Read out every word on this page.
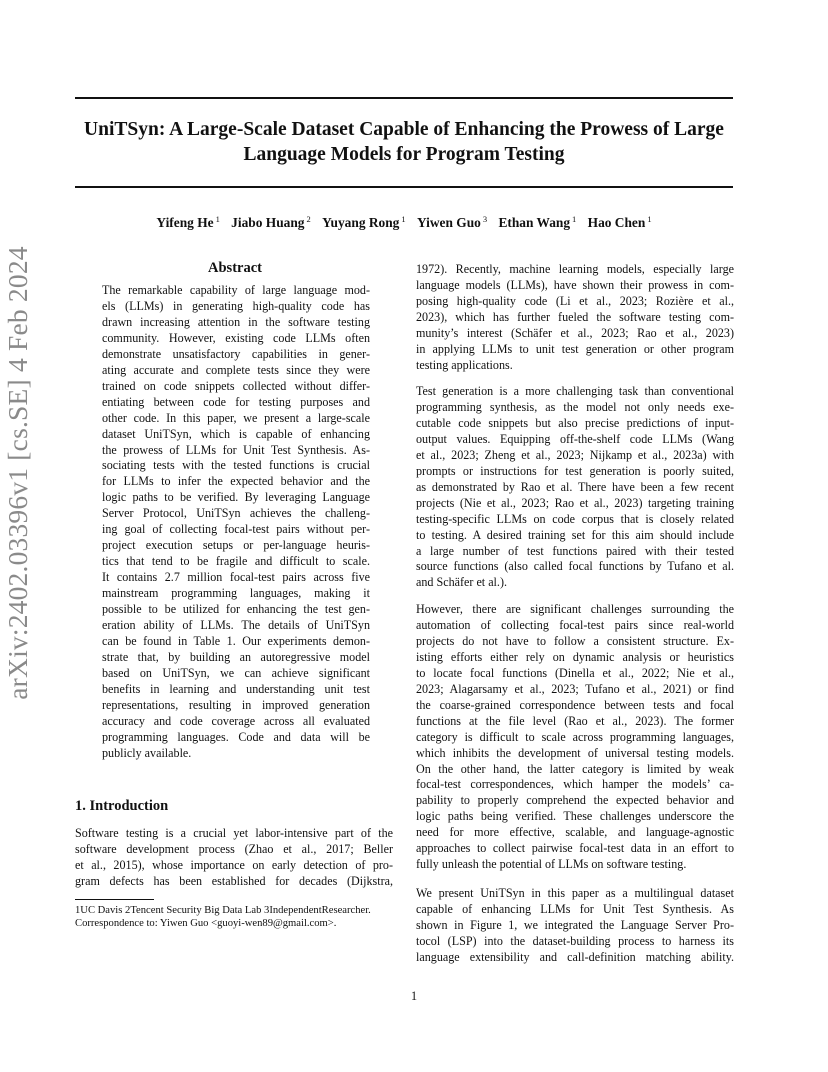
UniTSyn: A Large-Scale Dataset Capable of Enhancing the Prowess of Large
Language Models for Program Testing
Yifeng He $^1$ Jiabo Huang $^2$ Yuyang Rong $^1$ Yiwen Guo $^3$ Ethan Wang $^1$ Hao Chen $^1$
arXiv:2402.03396v1 [cs.SE] 4 Feb 2024	Abstract
The remarkable capability of large language mod-
els (LLMs) in generating high-quality code has
drawn increasing attention in the software testing
community. However, existing code LLMs often
demonstrate unsatisfactory capabilities in gener-
ating accurate and complete tests since they were
trained on code snippets collected without differ-
entiating between code for testing purposes and
other code. In this paper, we present a large-scale
dataset UniTSyn, which is capable of enhancing
the prowess of LLMs for Unit Test Synthesis. As-
sociating tests with the tested functions is crucial
for LLMs to infer the expected behavior and the
logic paths to be verified. By leveraging Language
Server Protocol, UniTSyn achieves the challeng-
ing goal of collecting focal-test pairs without per-
project execution setups or per-language heuris-
tics that tend to be fragile and difficult to scale.
It contains 2.7 million focal-test pairs across five
mainstream programming languages, making it
possible to be utilized for enhancing the test gen-
eration ability of LLMs. The details of UniTSyn
can be found in Table 1. Our experiments demon-
strate that, by building an autoregressive model
based on UniTSyn, we can achieve significant
benefits in learning and understanding unit test
representations, resulting in improved generation
accuracy and code coverage across all evaluated
programming languages. Code and data will be
publicly available.
1. Introduction
Software testing is a crucial yet labor-intensive part of the
software development process (Zhao et al., 2017; Beller
et al., 2015), whose importance on early detection of pro-
gram defects has been established for decades (Dijkstra,
1972). Recently, machine learning models, especially large
language models (LLMs), have shown their prowess in com-
posing high-quality code (Li et al., 2023; Rozière et al.,
2023), which has further fueled the software testing com-
munity’s interest (Schäfer et al., 2023; Rao et al., 2023)
in applying LLMs to unit test generation or other program
testing applications.
Test generation is a more challenging task than conventional
programming synthesis, as the model not only needs exe-
cutable code snippets but also precise predictions of input-
output values. Equipping off-the-shelf code LLMs (Wang
et al., 2023; Zheng et al., 2023; Nijkamp et al., 2023a) with
prompts or instructions for test generation is poorly suited,
as demonstrated by Rao et al. There have been a few recent
projects (Nie et al., 2023; Rao et al., 2023) targeting training
testing-specific LLMs on code corpus that is closely related
to testing. A desired training set for this aim should include
a large number of test functions paired with their tested
source functions (also called focal functions by Tufano et al.
and Schäfer et al.).
However, there are significant challenges surrounding the
automation of collecting focal-test pairs since real-world
projects do not have to follow a consistent structure. Ex-
isting efforts either rely on dynamic analysis or heuristics
to locate focal functions (Dinella et al., 2022; Nie et al.,
2023; Alagarsamy et al., 2023; Tufano et al., 2021) or find
the coarse-grained correspondence between tests and focal
functions at the file level (Rao et al., 2023). The former
category is difficult to scale across programming languages,
which inhibits the development of universal testing models.
On the other hand, the latter category is limited by weak
focal-test correspondences, which hamper the models’ ca-
pability to properly comprehend the expected behavior and
logic paths being verified. These challenges underscore the
need for more effective, scalable, and language-agnostic
approaches to collect pairwise focal-test data in an effort to
fully unleash the potential of LLMs on software testing.
We present UniTSyn in this paper as a multilingual dataset
capable of enhancing LLMs for Unit Test Synthesis. As
shown in Figure 1, we integrated the Language Server Pro-
tocol (LSP) into the dataset-building process to harness its
language extensibility and call-definition matching ability.
1UC Davis 2Tencent Security Big Data Lab 3IndependentResearcher. Correspondence to: Yiwen Guo <guoyi-wen89@gmail.com>.
1
